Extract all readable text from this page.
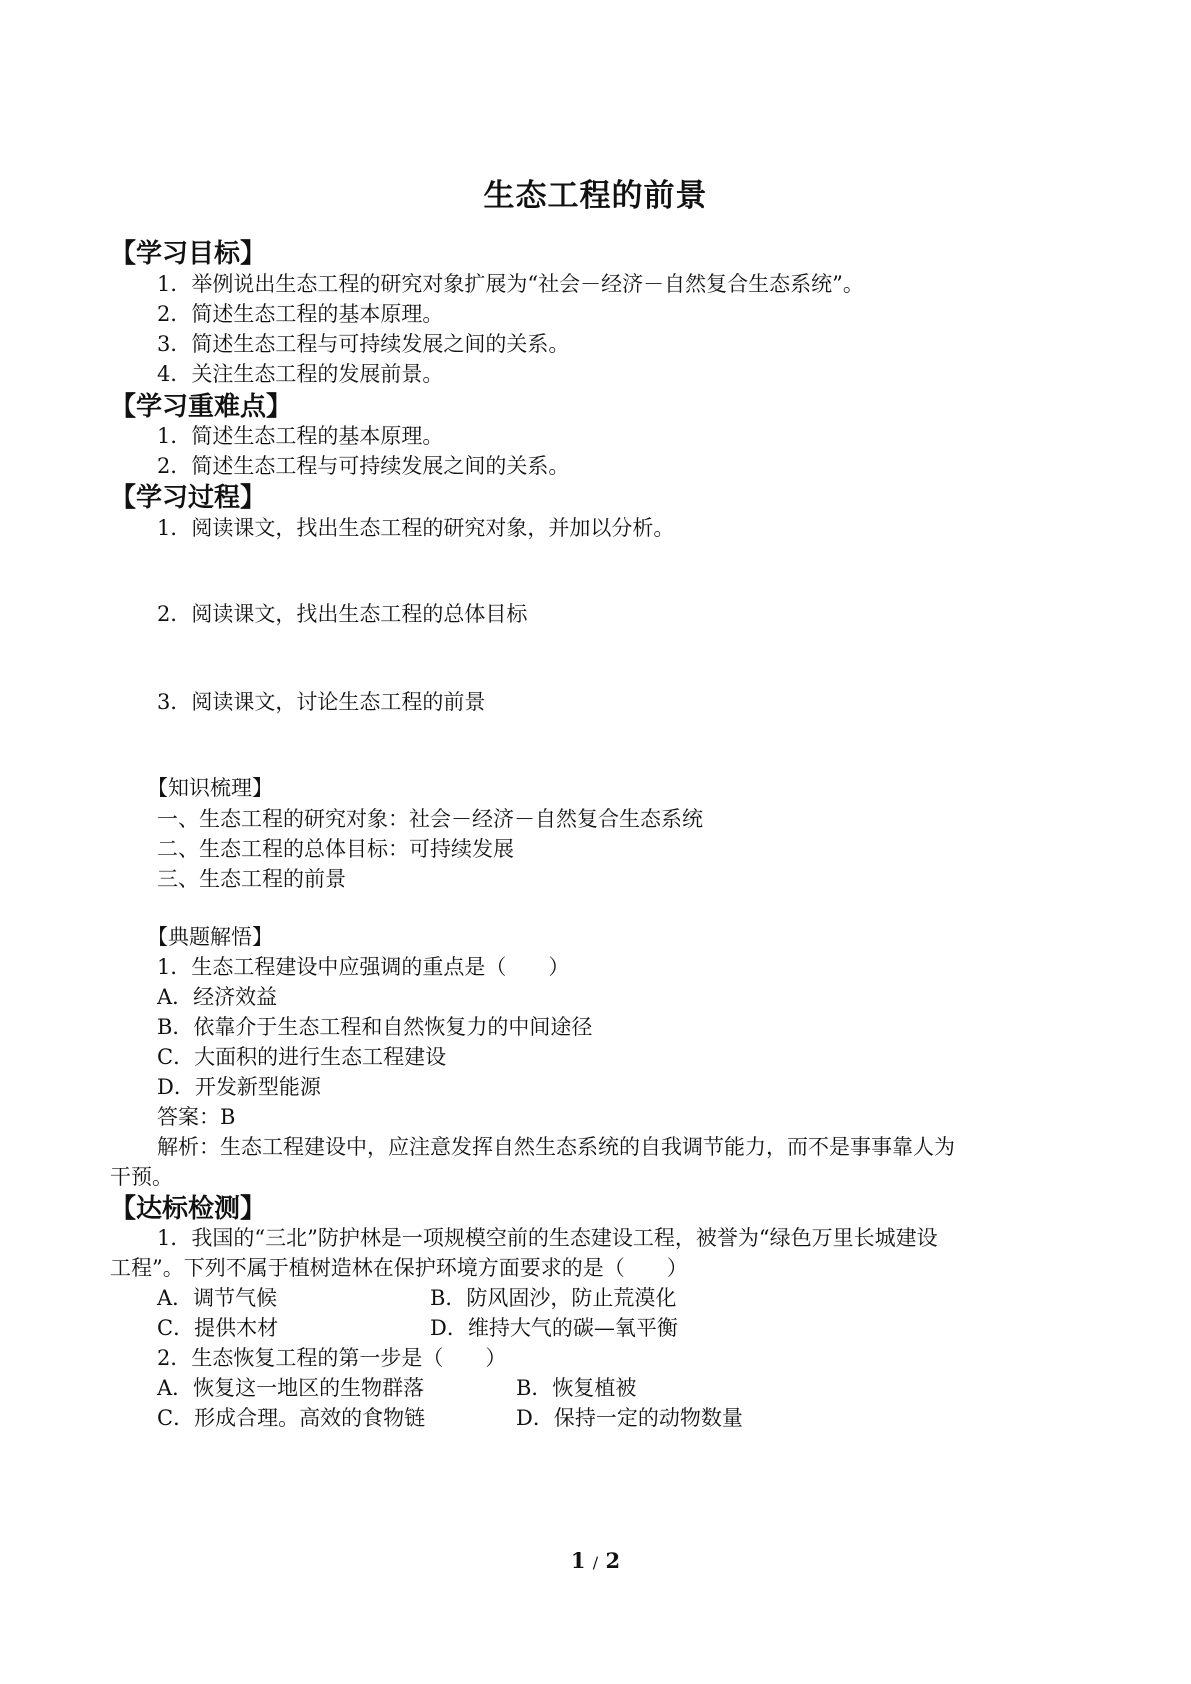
生态工程的前景
【学习目标】
1．举例说出生态工程的研究对象扩展为“社会－经济－自然复合生态系统”。
2．简述生态工程的基本原理。
3．简述生态工程与可持续发展之间的关系。
4．关注生态工程的发展前景。
【学习重难点】
1．简述生态工程的基本原理。
2．简述生态工程与可持续发展之间的关系。
【学习过程】
1．阅读课文，找出生态工程的研究对象，并加以分析。
2．阅读课文，找出生态工程的总体目标
3．阅读课文，讨论生态工程的前景
【知识梳理】
一、生态工程的研究对象：社会－经济－自然复合生态系统
二、生态工程的总体目标：可持续发展
三、生态工程的前景
【典题解悟】
1．生态工程建设中应强调的重点是（　　）
A．经济效益
B．依靠介于生态工程和自然恢复力的中间途径
C．大面积的进行生态工程建设
D．开发新型能源
答案：B
解析：生态工程建设中，应注意发挥自然生态系统的自我调节能力，而不是事事靠人为
干预。
【达标检测】
1．我国的“三北”防护林是一项规模空前的生态建设工程，被誉为“绿色万里长城建设
工程”。下列不属于植树造林在保护环境方面要求的是（　　）
A．调节气候	B．防风固沙，防止荒漠化
C．提供木材	D．维持大气的碳—氧平衡
2．生态恢复工程的第一步是（　　）
A．恢复这一地区的生物群落	B．恢复植被
C．形成合理。高效的食物链	D．保持一定的动物数量
1 / 2
